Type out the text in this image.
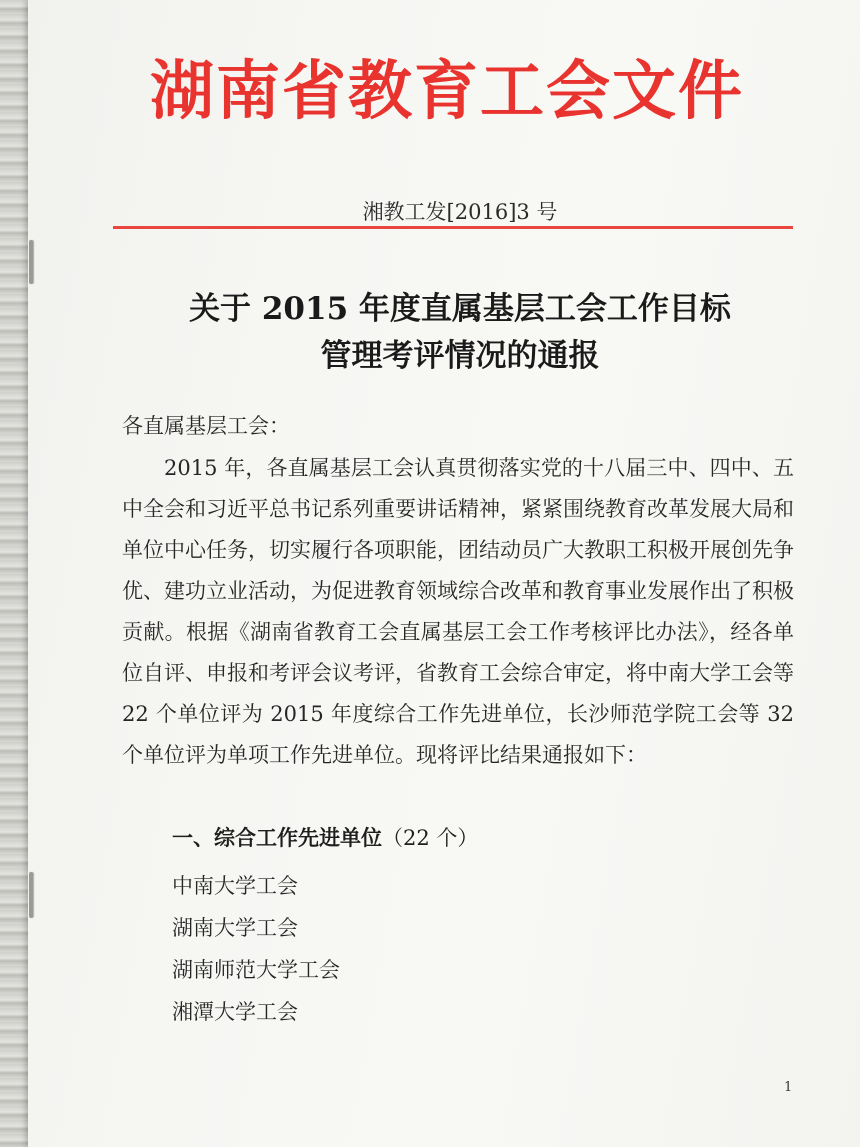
湖南省教育工会文件
湘教工发[2016]3 号
关于 2015 年度直属基层工会工作目标
管理考评情况的通报
各直属基层工会：
2015 年，各直属基层工会认真贯彻落实党的十八届三中、四中、五中全会和习近平总书记系列重要讲话精神，紧紧围绕教育改革发展大局和单位中心任务，切实履行各项职能，团结动员广大教职工积极开展创先争优、建功立业活动，为促进教育领域综合改革和教育事业发展作出了积极贡献。根据《湖南省教育工会直属基层工会工作考核评比办法》，经各单位自评、申报和考评会议考评，省教育工会综合审定，将中南大学工会等 22 个单位评为 2015 年度综合工作先进单位，长沙师范学院工会等 32 个单位评为单项工作先进单位。现将评比结果通报如下：
一、综合工作先进单位（22 个）
中南大学工会
湖南大学工会
湖南师范大学工会
湘潭大学工会
1
